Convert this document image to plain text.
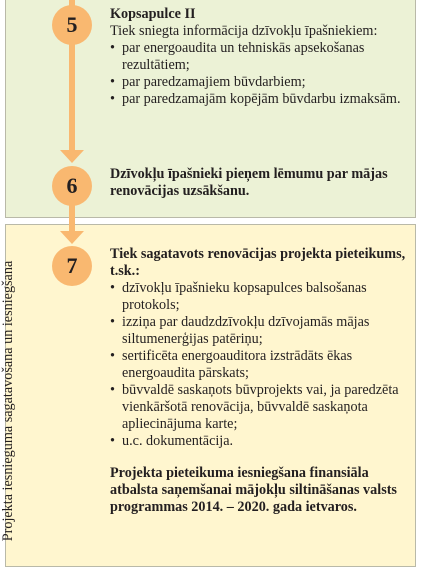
5
6
7
Kopsapulce II
Tiek sniegta informācija dzīvokļu īpašniekiem:
• par energoaudita un tehniskās apsekošanas rezultātiem;
• par paredzamajiem būvdarbiem;
• par paredzamajām kopējām būvdarbu izmaksām.
Dzīvokļu īpašnieki pieņem lēmumu par mājas renovācijas uzsākšanu.
Tiek sagatavots renovācijas projekta pieteikums, t.sk.:
• dzīvokļu īpašnieku kopsapulces balsošanas protokols;
• izziņa par daudzdzīvokļu dzīvojamās mājas siltumenerģijas patēriņu;
• sertificēta energoauditora izstrādāts ēkas energoaudita pārskats;
• būvvaldē saskaņots būvprojekts vai, ja paredzēta vienkāršotā renovācija, būvvaldē saskaņota apliecinājuma karte;
• u.c. dokumentācija.
Projekta pieteikuma iesniegšana finansiāla atbalsta saņemšanai mājokļu siltināšanas valsts programmas 2014. – 2020. gada ietvaros.
Projekta iesnieguma sagatavošana un iesniegšana
